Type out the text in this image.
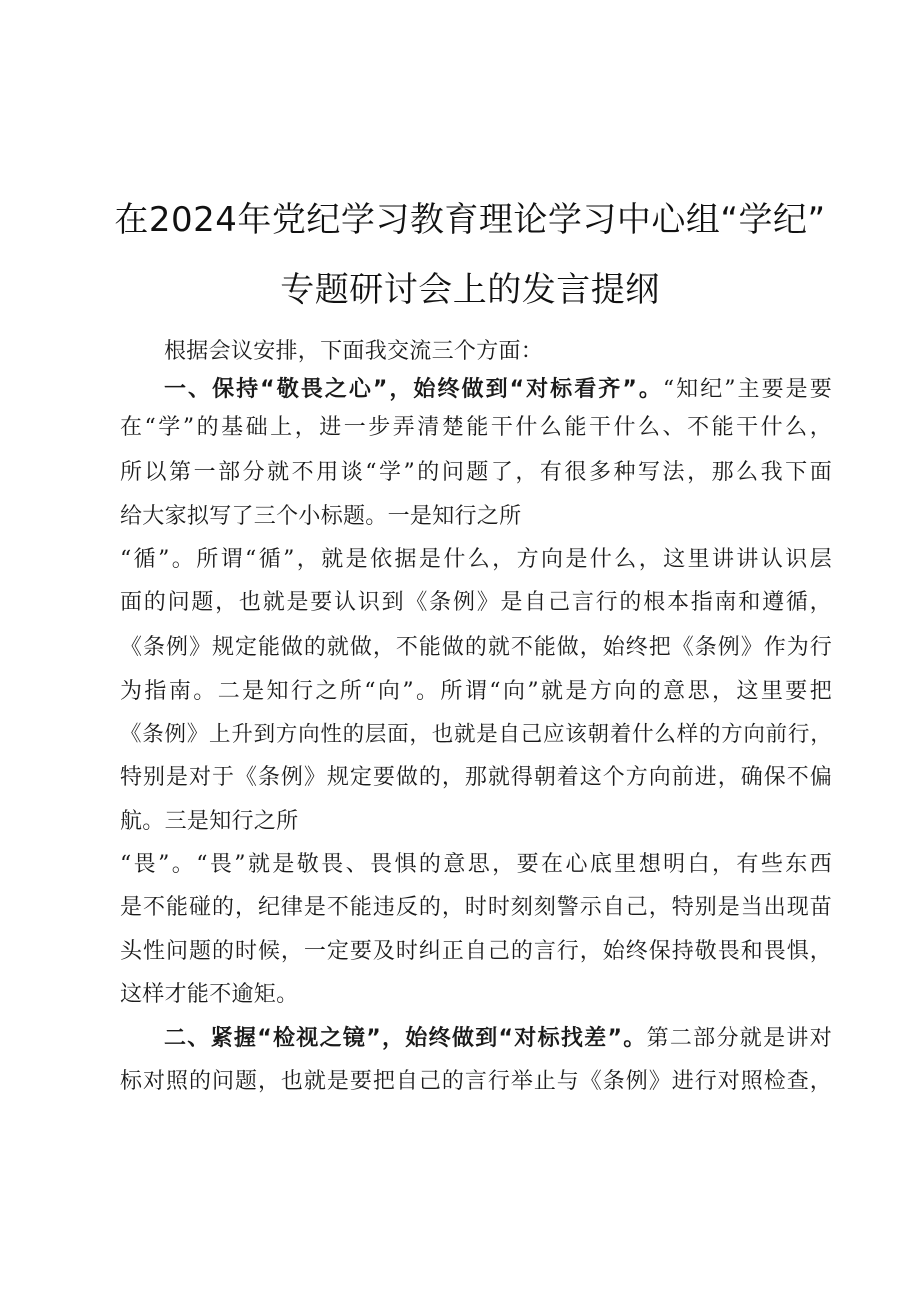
在2024年党纪学习教育理论学习中心组“学纪”
专题研讨会上的发言提纲
根据会议安排，下面我交流三个方面：
一、保持“敬畏之心”，始终做到“对标看齐”。“知纪”主要是要
在“学”的基础上，进一步弄清楚能干什么能干什么、不能干什么，
所以第一部分就不用谈“学”的问题了，有很多种写法，那么我下面
给大家拟写了三个小标题。一是知行之所
“循”。所谓“循”，就是依据是什么，方向是什么，这里讲讲认识层
面的问题，也就是要认识到《条例》是自己言行的根本指南和遵循，
《条例》规定能做的就做，不能做的就不能做，始终把《条例》作为行
为指南。二是知行之所“向”。所谓“向”就是方向的意思，这里要把
《条例》上升到方向性的层面，也就是自己应该朝着什么样的方向前行，
特别是对于《条例》规定要做的，那就得朝着这个方向前进，确保不偏
航。三是知行之所
“畏”。“畏”就是敬畏、畏惧的意思，要在心底里想明白，有些东西
是不能碰的，纪律是不能违反的，时时刻刻警示自己，特别是当出现苗
头性问题的时候，一定要及时纠正自己的言行，始终保持敬畏和畏惧，
这样才能不逾矩。
二、紧握“检视之镜”，始终做到“对标找差”。第二部分就是讲对
标对照的问题，也就是要把自己的言行举止与《条例》进行对照检查，
